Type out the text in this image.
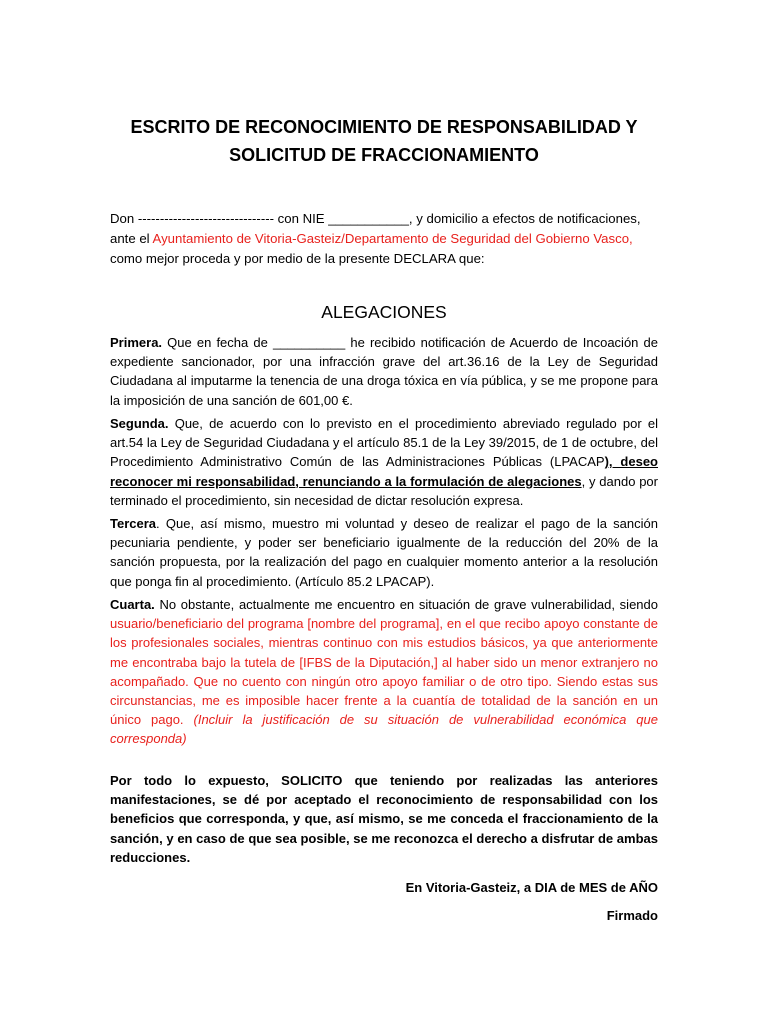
ESCRITO DE RECONOCIMIENTO DE RESPONSABILIDAD Y
SOLICITUD DE FRACCIONAMIENTO
Don ------------------------------- con NIE ___________, y domicilio a efectos de notificaciones, ante el Ayuntamiento de Vitoria-Gasteiz/Departamento de Seguridad del Gobierno Vasco, como mejor proceda y por medio de la presente DECLARA que:
ALEGACIONES
Primera. Que en fecha de __________ he recibido notificación de Acuerdo de Incoación de expediente sancionador, por una infracción grave del art.36.16 de la Ley de Seguridad Ciudadana al imputarme la tenencia de una droga tóxica en vía pública, y se me propone para la imposición de una sanción de 601,00 €.
Segunda. Que, de acuerdo con lo previsto en el procedimiento abreviado regulado por el art.54 la Ley de Seguridad Ciudadana y el artículo 85.1 de la Ley 39/2015, de 1 de octubre, del Procedimiento Administrativo Común de las Administraciones Públicas (LPACAP), deseo reconocer mi responsabilidad, renunciando a la formulación de alegaciones, y dando por terminado el procedimiento, sin necesidad de dictar resolución expresa.
Tercera. Que, así mismo, muestro mi voluntad y deseo de realizar el pago de la sanción pecuniaria pendiente, y poder ser beneficiario igualmente de la reducción del 20% de la sanción propuesta, por la realización del pago en cualquier momento anterior a la resolución que ponga fin al procedimiento. (Artículo 85.2 LPACAP).
Cuarta. No obstante, actualmente me encuentro en situación de grave vulnerabilidad, siendo usuario/beneficiario del programa [nombre del programa], en el que recibo apoyo constante de los profesionales sociales, mientras continuo con mis estudios básicos, ya que anteriormente me encontraba bajo la tutela de [IFBS de la Diputación,] al haber sido un menor extranjero no acompañado. Que no cuento con ningún otro apoyo familiar o de otro tipo. Siendo estas sus circunstancias, me es imposible hacer frente a la cuantía de totalidad de la sanción en un único pago. (Incluir la justificación de su situación de vulnerabilidad económica que corresponda)
Por todo lo expuesto, SOLICITO que teniendo por realizadas las anteriores manifestaciones, se dé por aceptado el reconocimiento de responsabilidad con los beneficios que corresponda, y que, así mismo, se me conceda el fraccionamiento de la sanción, y en caso de que sea posible, se me reconozca el derecho a disfrutar de ambas reducciones.
En Vitoria-Gasteiz, a DIA de MES de AÑO
Firmado
